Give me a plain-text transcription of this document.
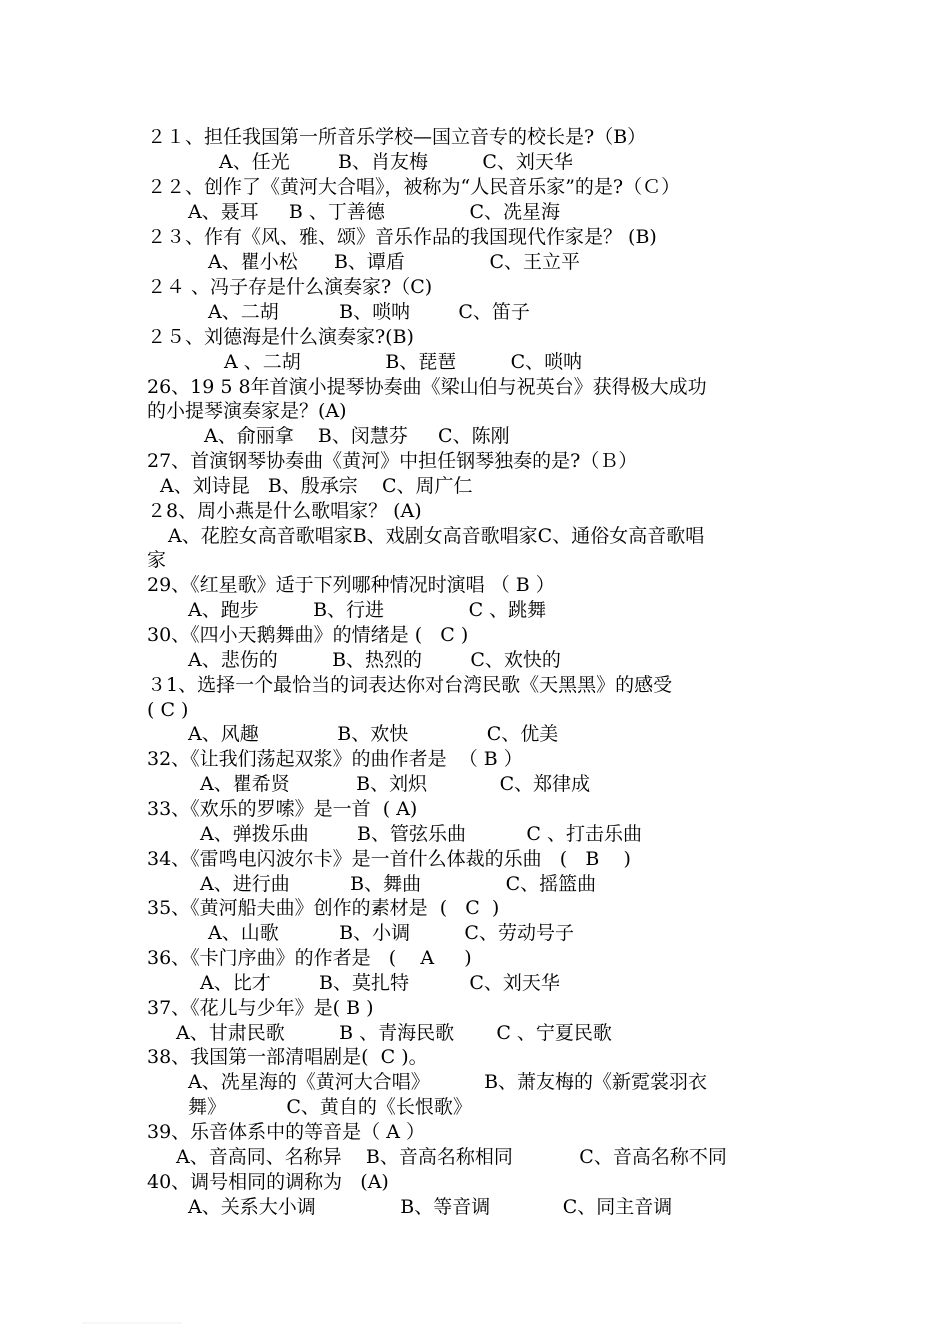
２１、担任我国第一所音乐学校—国立音专的校长是?（B）
A、任光        B、肖友梅         C、刘天华
２２、创作了《黄河大合唱》，被称为“人民音乐家”的是?（Ｃ）
A、聂耳     B 、丁善德              C、冼星海
２３、作有《风、雅、颂》音乐作品的我国现代作家是？ (B)
A、瞿小松      B、谭盾              C、王立平
２４ 、冯子存是什么演奏家?（C)
A、二胡          B、唢呐        C、笛子
２５、刘德海是什么演奏家?(B)
A 、二胡              B、琵琶         C、唢呐
26、19 5 8年首演小提琴协奏曲《梁山伯与祝英台》获得极大成功
的小提琴演奏家是？(A)
A、俞丽拿    B、闵慧芬     C、陈刚
27、首演钢琴协奏曲《黄河》中担任钢琴独奏的是?（Ｂ）
A、刘诗昆   B、殷承宗    C、周广仁
２8、周小燕是什么歌唱家？ (A)
A、花腔女高音歌唱家B、戏剧女高音歌唱家C、通俗女高音歌唱
家
29、《红星歌》适于下列哪种情况时演唱 （ B ）
A、跑步         B、行进              C 、跳舞
30、《四小天鹅舞曲》的情绪是 (   C )
A、悲伤的         B、热烈的        C、欢快的
３1、选择一个最恰当的词表达你对台湾民歌《天黑黑》的感受
( C )
A、风趣             B、欢快             C、优美
32、《让我们荡起双浆》的曲作者是  （ B ）
A、瞿希贤           B、刘炽            C、郑律成
33、《欢乐的罗嗦》是一首  ( A)
A、弹拨乐曲        B、管弦乐曲          C 、打击乐曲
34、《雷鸣电闪波尔卡》是一首什么体裁的乐曲   (   B    )
A、进行曲          B、舞曲              C、摇篮曲
35、《黄河船夫曲》创作的素材是  (   C  )
A、山歌          B、小调         C、劳动号子
36、《卡门序曲》的作者是   (    A     )
A、比才        B、莫扎特          C、刘天华
37、《花儿与少年》是( B )
A、甘肃民歌         B 、青海民歌       C 、宁夏民歌
38、我国第一部清唱剧是(  C )。
A、冼星海的《黄河大合唱》         B、萧友梅的《新霓裳羽衣
舞》          C、黄自的《长恨歌》
39、乐音体系中的等音是（ A ）
A、音高同、名称异    B、音高名称相同           C、音高名称不同
40、调号相同的调称为   (A)
A、关系大小调              B、等音调            C、同主音调
